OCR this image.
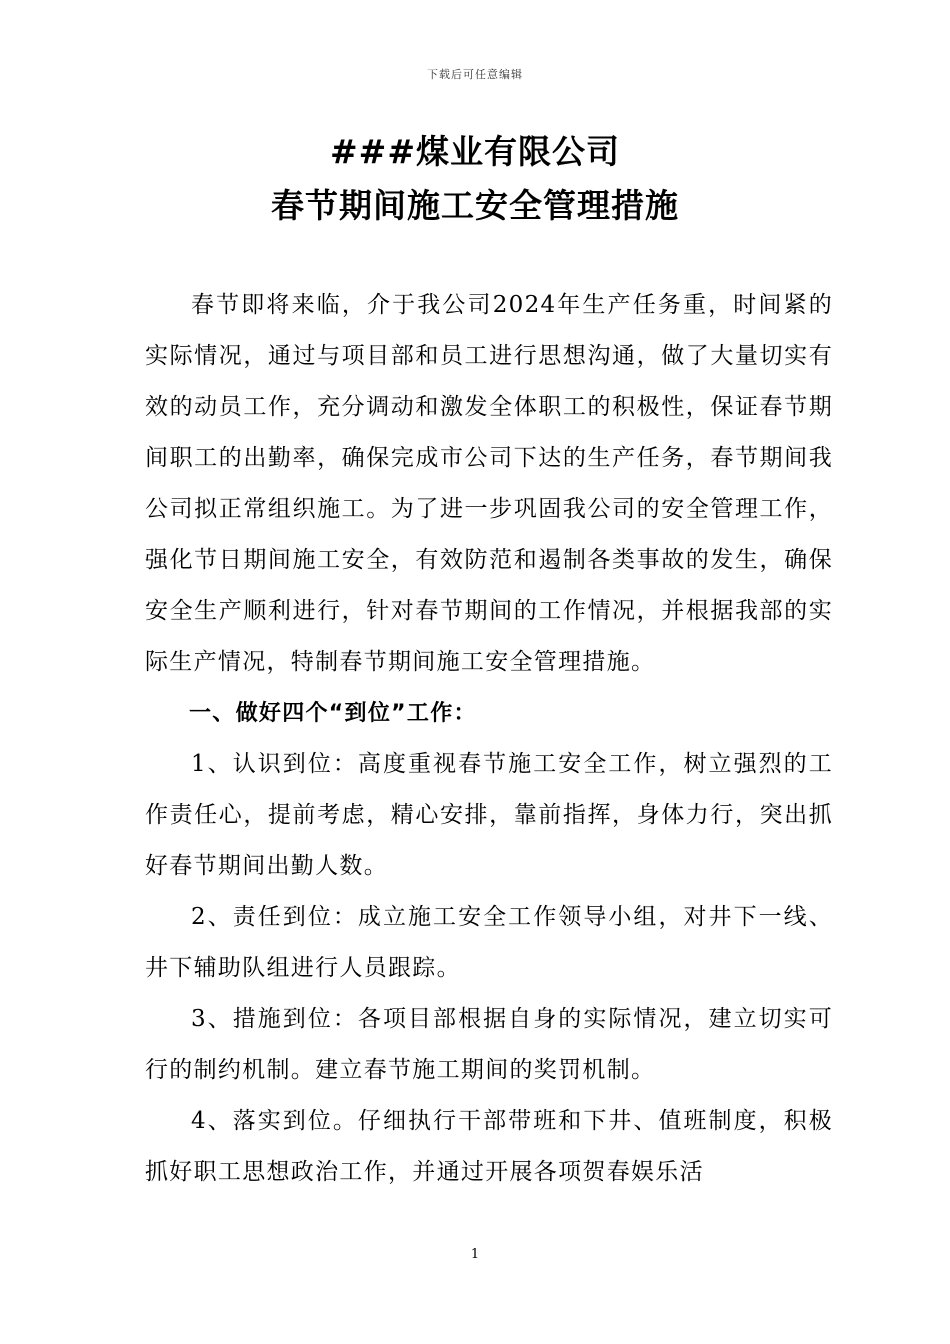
下载后可任意编辑
###煤业有限公司
春节期间施工安全管理措施

春节即将来临，介于我公司2024年生产任务重，时间紧的实际情况，通过与项目部和员工进行思想沟通，做了大量切实有效的动员工作，充分调动和激发全体职工的积极性，保证春节期间职工的出勤率，确保完成市公司下达的生产任务，春节期间我公司拟正常组织施工。为了进一步巩固我公司的安全管理工作，强化节日期间施工安全，有效防范和遏制各类事故的发生，确保安全生产顺利进行，针对春节期间的工作情况，并根据我部的实际生产情况，特制春节期间施工安全管理措施。

一、做好四个“到位”工作：

1、认识到位：高度重视春节施工安全工作，树立强烈的工作责任心，提前考虑，精心安排，靠前指挥，身体力行，突出抓好春节期间出勤人数。

2、责任到位：成立施工安全工作领导小组，对井下一线、井下辅助队组进行人员跟踪。

3、措施到位：各项目部根据自身的实际情况，建立切实可行的制约机制。建立春节施工期间的奖罚机制。

4、落实到位。仔细执行干部带班和下井、值班制度，积极抓好职工思想政治工作，并通过开展各项贺春娱乐活

1
